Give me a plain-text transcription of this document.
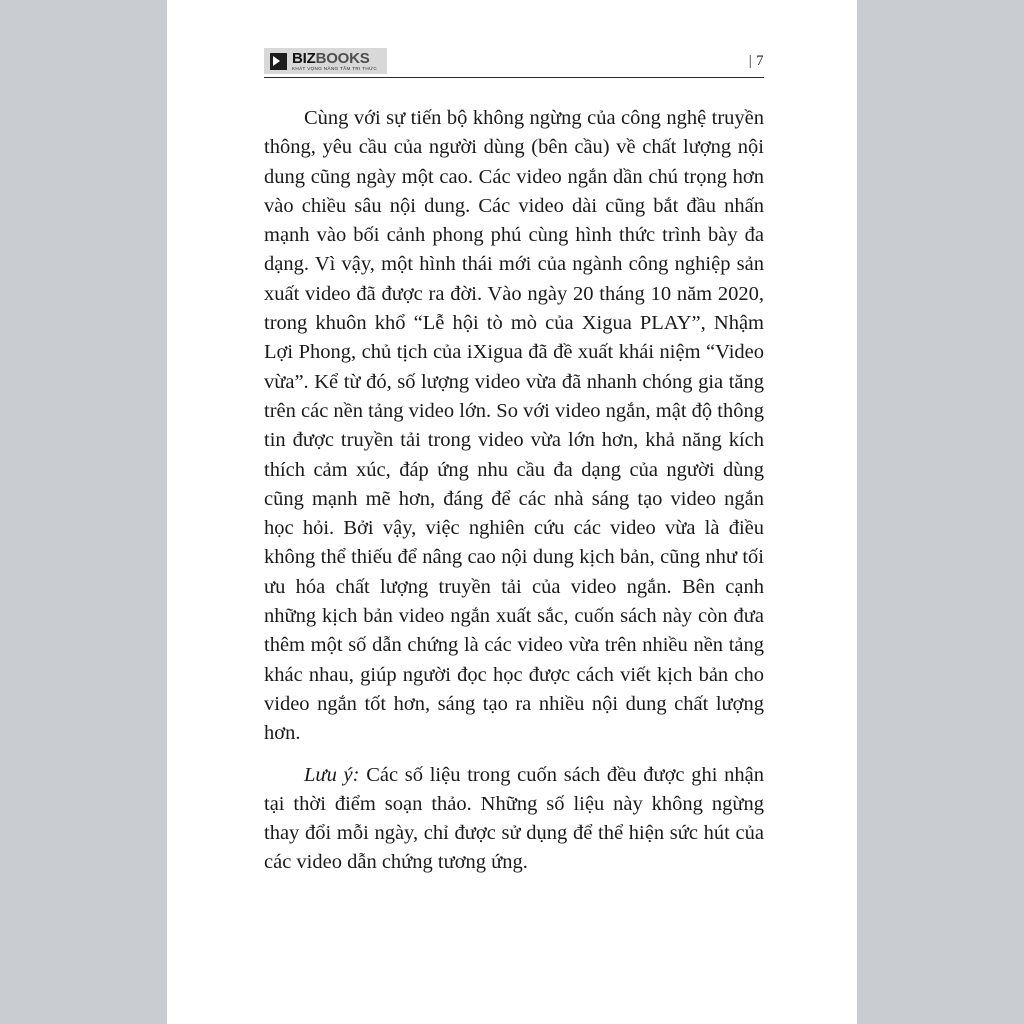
BIZBOOKS
KHÁT VỌNG NÂNG TẦM TRI THỨC	| 7

Cùng với sự tiến bộ không ngừng của công nghệ truyền thông, yêu cầu của người dùng (bên cầu) về chất lượng nội dung cũng ngày một cao. Các video ngắn dần chú trọng hơn vào chiều sâu nội dung. Các video dài cũng bắt đầu nhấn mạnh vào bối cảnh phong phú cùng hình thức trình bày đa dạng. Vì vậy, một hình thái mới của ngành công nghiệp sản xuất video đã được ra đời. Vào ngày 20 tháng 10 năm 2020, trong khuôn khổ “Lễ hội tò mò của Xigua PLAY”, Nhậm Lợi Phong, chủ tịch của iXigua đã đề xuất khái niệm “Video vừa”. Kể từ đó, số lượng video vừa đã nhanh chóng gia tăng trên các nền tảng video lớn. So với video ngắn, mật độ thông tin được truyền tải trong video vừa lớn hơn, khả năng kích thích cảm xúc, đáp ứng nhu cầu đa dạng của người dùng cũng mạnh mẽ hơn, đáng để các nhà sáng tạo video ngắn học hỏi. Bởi vậy, việc nghiên cứu các video vừa là điều không thể thiếu để nâng cao nội dung kịch bản, cũng như tối ưu hóa chất lượng truyền tải của video ngắn. Bên cạnh những kịch bản video ngắn xuất sắc, cuốn sách này còn đưa thêm một số dẫn chứng là các video vừa trên nhiều nền tảng khác nhau, giúp người đọc học được cách viết kịch bản cho video ngắn tốt hơn, sáng tạo ra nhiều nội dung chất lượng hơn.

Lưu ý: Các số liệu trong cuốn sách đều được ghi nhận tại thời điểm soạn thảo. Những số liệu này không ngừng thay đổi mỗi ngày, chỉ được sử dụng để thể hiện sức hút của các video dẫn chứng tương ứng.
